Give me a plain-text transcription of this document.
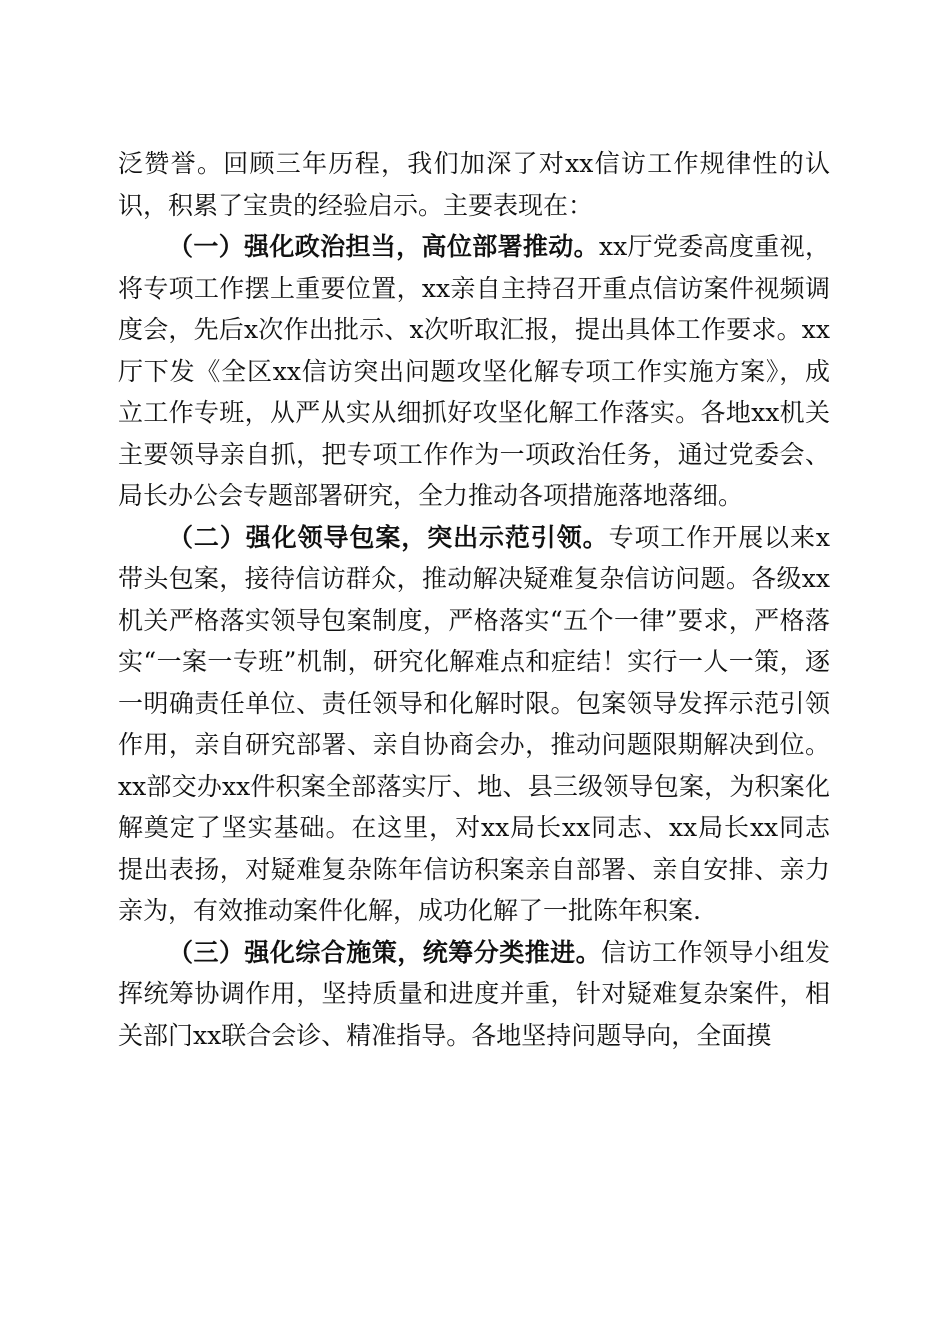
泛赞誉。回顾三年历程，我们加深了对xx信访工作规律性的认识，积累了宝贵的经验启示。主要表现在：

（一）强化政治担当，高位部署推动。xx厅党委高度重视，将专项工作摆上重要位置，xx亲自主持召开重点信访案件视频调度会，先后x次作出批示、x次听取汇报，提出具体工作要求。xx厅下发《全区xx信访突出问题攻坚化解专项工作实施方案》，成立工作专班，从严从实从细抓好攻坚化解工作落实。各地xx机关主要领导亲自抓，把专项工作作为一项政治任务，通过党委会、局长办公会专题部署研究，全力推动各项措施落地落细。

（二）强化领导包案，突出示范引领。专项工作开展以来x带头包案，接待信访群众，推动解决疑难复杂信访问题。各级xx机关严格落实领导包案制度，严格落实“五个一律”要求，严格落实“一案一专班”机制，研究化解难点和症结！实行一人一策，逐一明确责任单位、责任领导和化解时限。包案领导发挥示范引领作用，亲自研究部署、亲自协商会办，推动问题限期解决到位。xx部交办xx件积案全部落实厅、地、县三级领导包案，为积案化解奠定了坚实基础。在这里，对xx局长xx同志、xx局长xx同志提出表扬，对疑难复杂陈年信访积案亲自部署、亲自安排、亲力亲为，有效推动案件化解，成功化解了一批陈年积案.

（三）强化综合施策，统筹分类推进。信访工作领导小组发挥统筹协调作用，坚持质量和进度并重，针对疑难复杂案件，相关部门xx联合会诊、精准指导。各地坚持问题导向，全面摸
